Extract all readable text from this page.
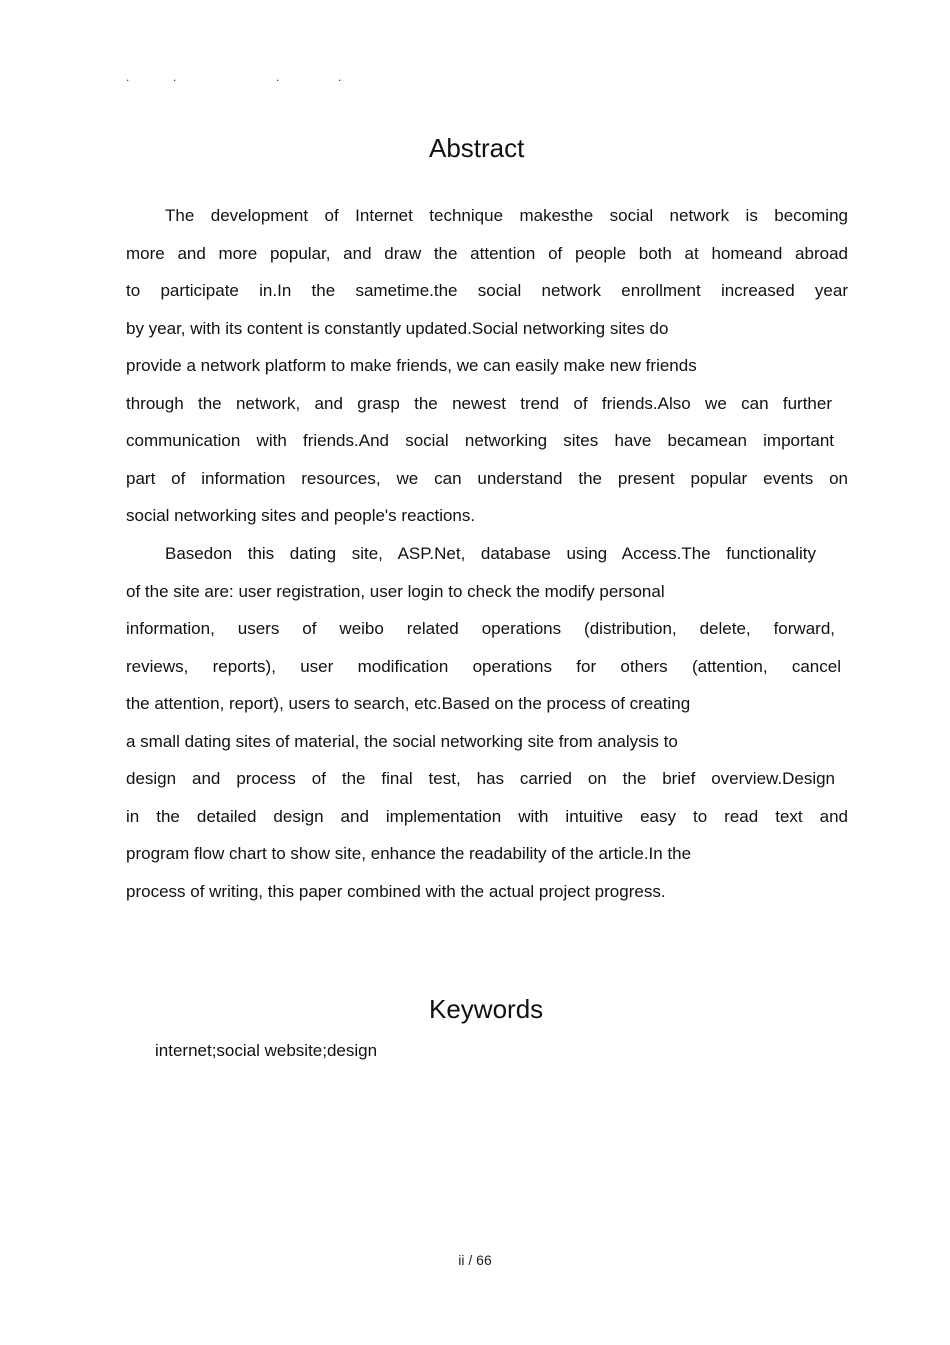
.	.	.	.
Abstract
The development of Internet technique makesthe social network is becoming
more and more popular, and draw the attention of people both at homeand abroad
to participate in.In the sametime.the social network enrollment increased year
by year, with its content is constantly updated.Social networking sites do
provide a network platform to make friends, we can easily make new friends
through the network, and grasp the newest trend of friends.Also we can further
communication with friends.And social networking sites have becamean important
part of information resources, we can understand the present popular events on
social networking sites and people's reactions.
Basedon this dating site, ASP.Net, database using Access.The functionality
of the site are: user registration, user login to check the modify personal
information, users of weibo related operations (distribution, delete, forward,
reviews, reports), user modification operations for others (attention, cancel
the attention, report), users to search, etc.Based on the process of creating
a small dating sites of material, the social networking site from analysis to
design and process of the final test, has carried on the brief overview.Design
in the detailed design and implementation with intuitive easy to read text and
program flow chart to show site, enhance the readability of the article.In the
process of writing, this paper combined with the actual project progress.
Keywords
internet;social website;design
ii / 66
